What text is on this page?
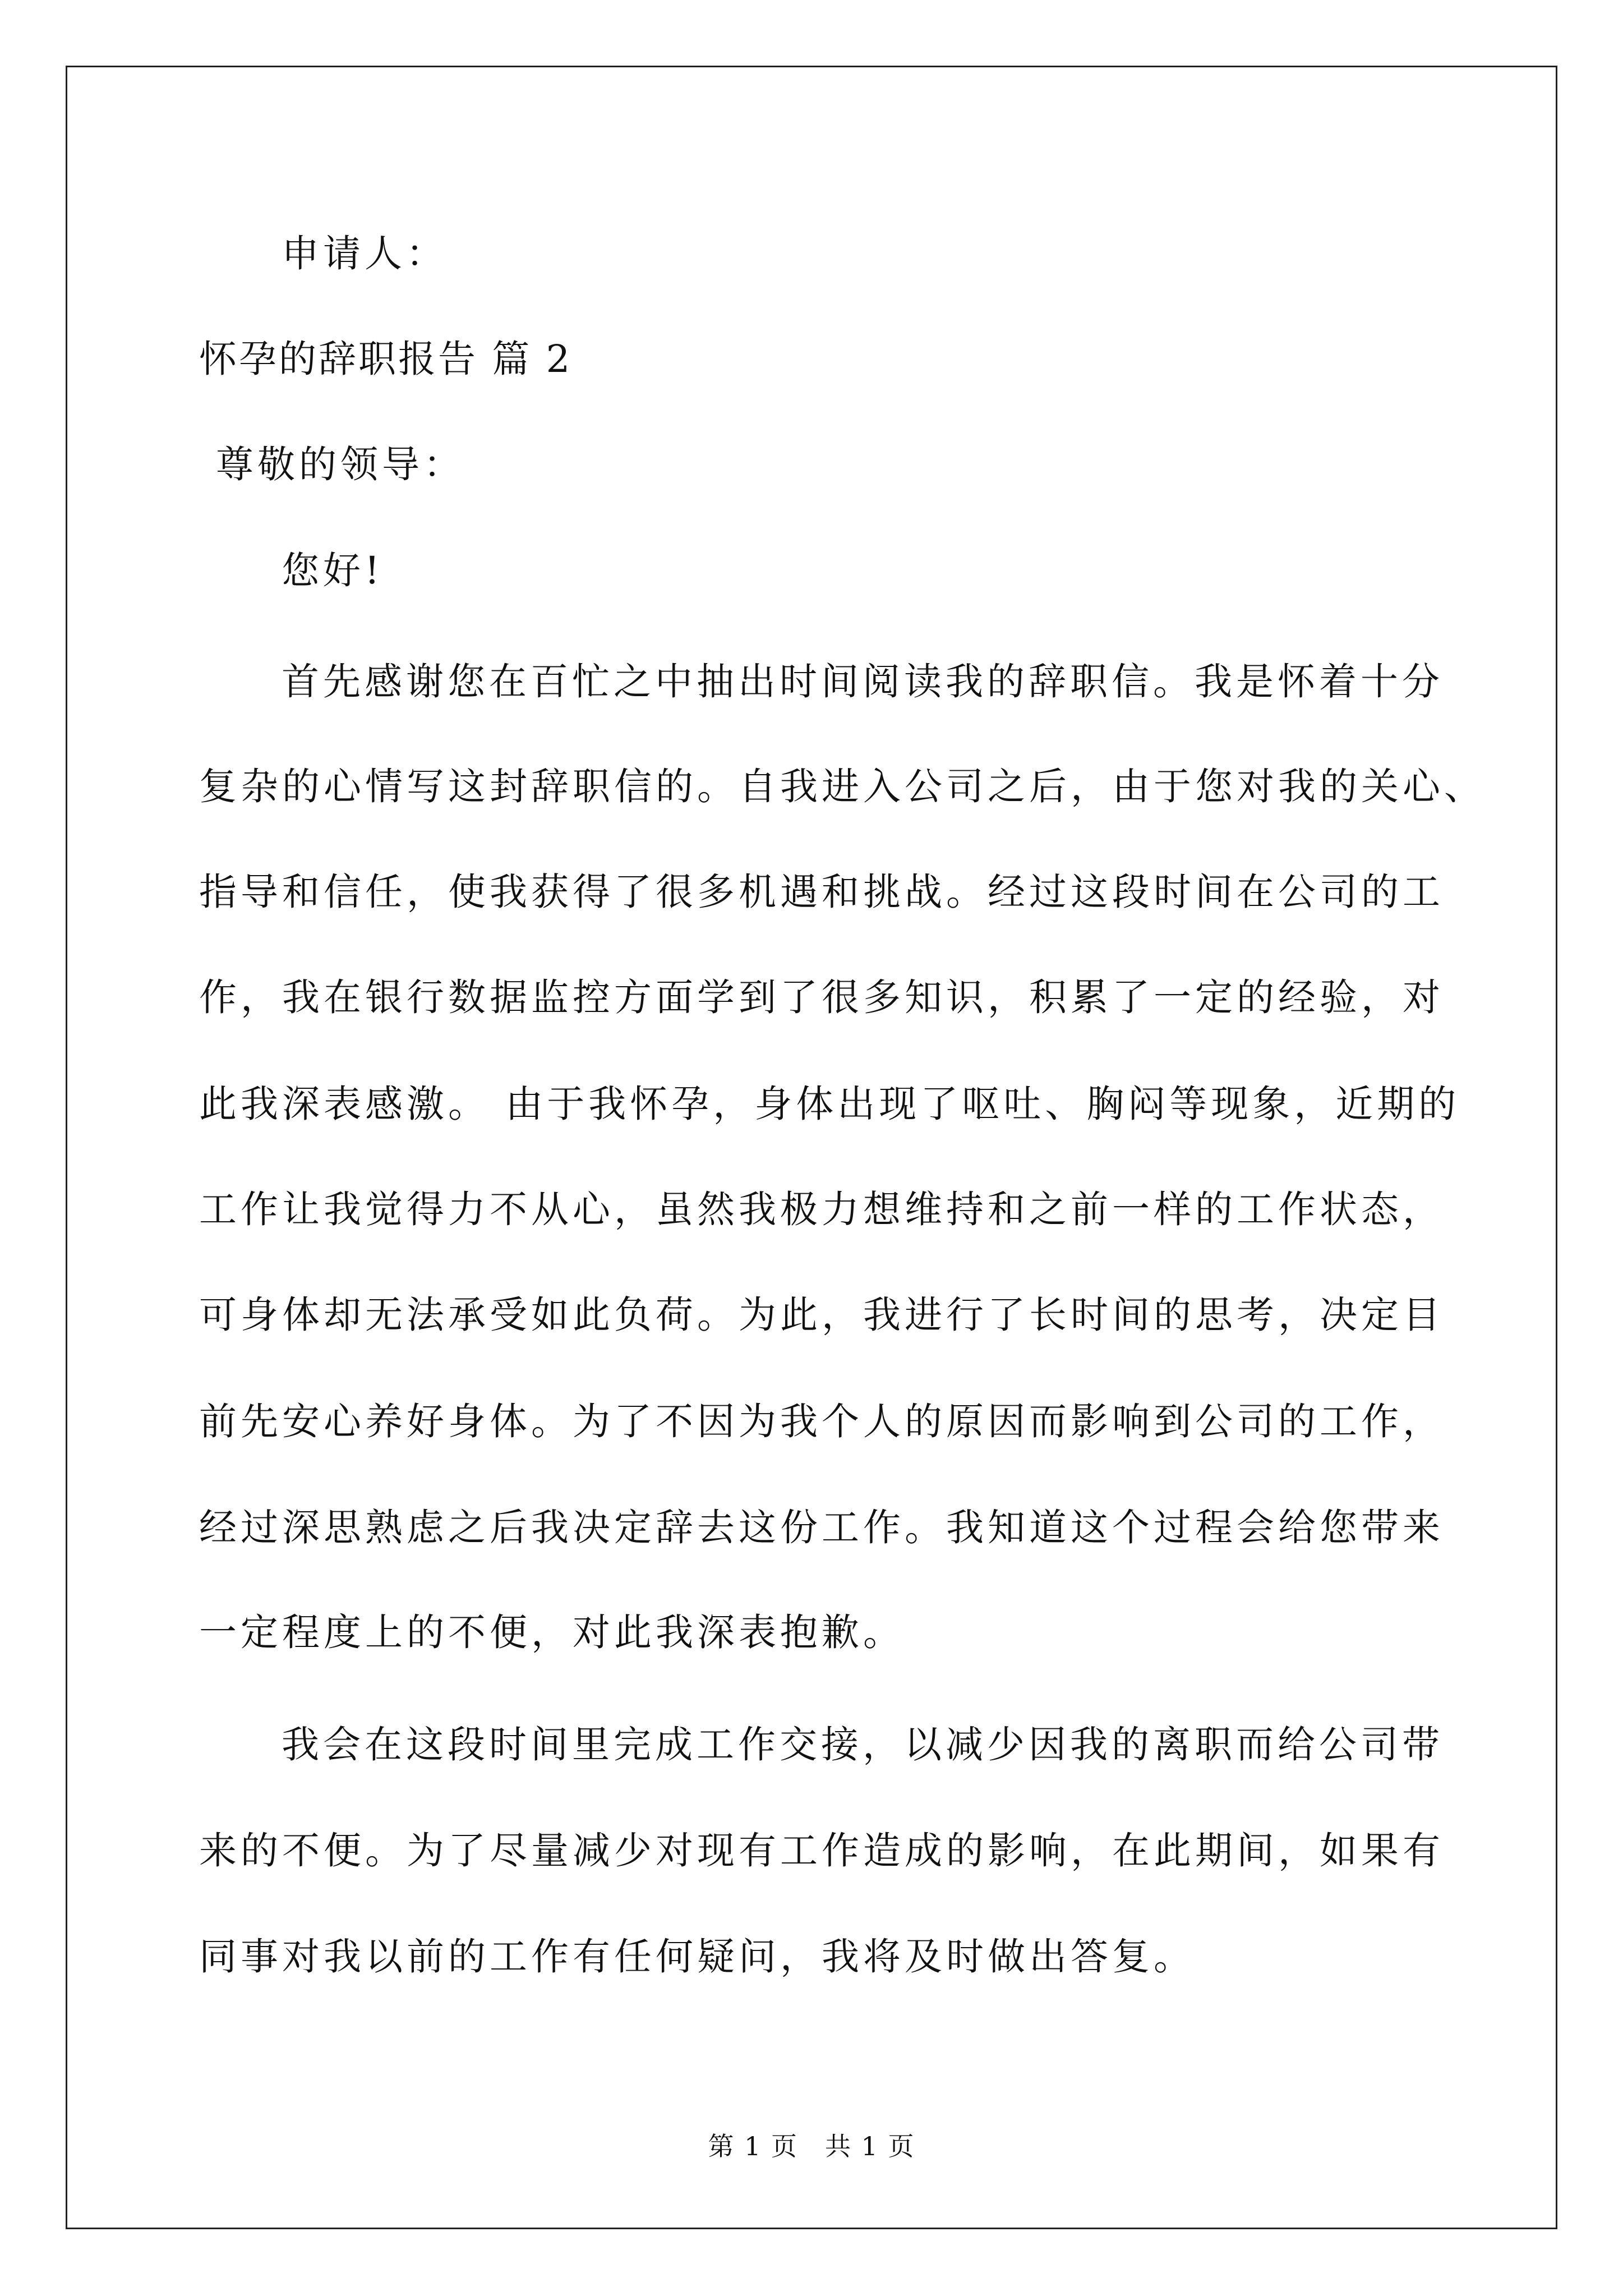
申请人：
怀孕的辞职报告 篇 2
尊敬的领导：
您好!
首先感谢您在百忙之中抽出时间阅读我的辞职信。我是怀着十分
复杂的心情写这封辞职信的。自我进入公司之后，由于您对我的关心、
指导和信任，使我获得了很多机遇和挑战。经过这段时间在公司的工
作，我在银行数据监控方面学到了很多知识，积累了一定的经验，对
此我深表感激。 由于我怀孕，身体出现了呕吐、胸闷等现象，近期的
工作让我觉得力不从心，虽然我极力想维持和之前一样的工作状态，
可身体却无法承受如此负荷。为此，我进行了长时间的思考，决定目
前先安心养好身体。为了不因为我个人的原因而影响到公司的工作，
经过深思熟虑之后我决定辞去这份工作。我知道这个过程会给您带来
一定程度上的不便，对此我深表抱歉。
我会在这段时间里完成工作交接，以减少因我的离职而给公司带
来的不便。为了尽量减少对现有工作造成的影响，在此期间，如果有
同事对我以前的工作有任何疑问，我将及时做出答复。
第 1 页　共 1 页
